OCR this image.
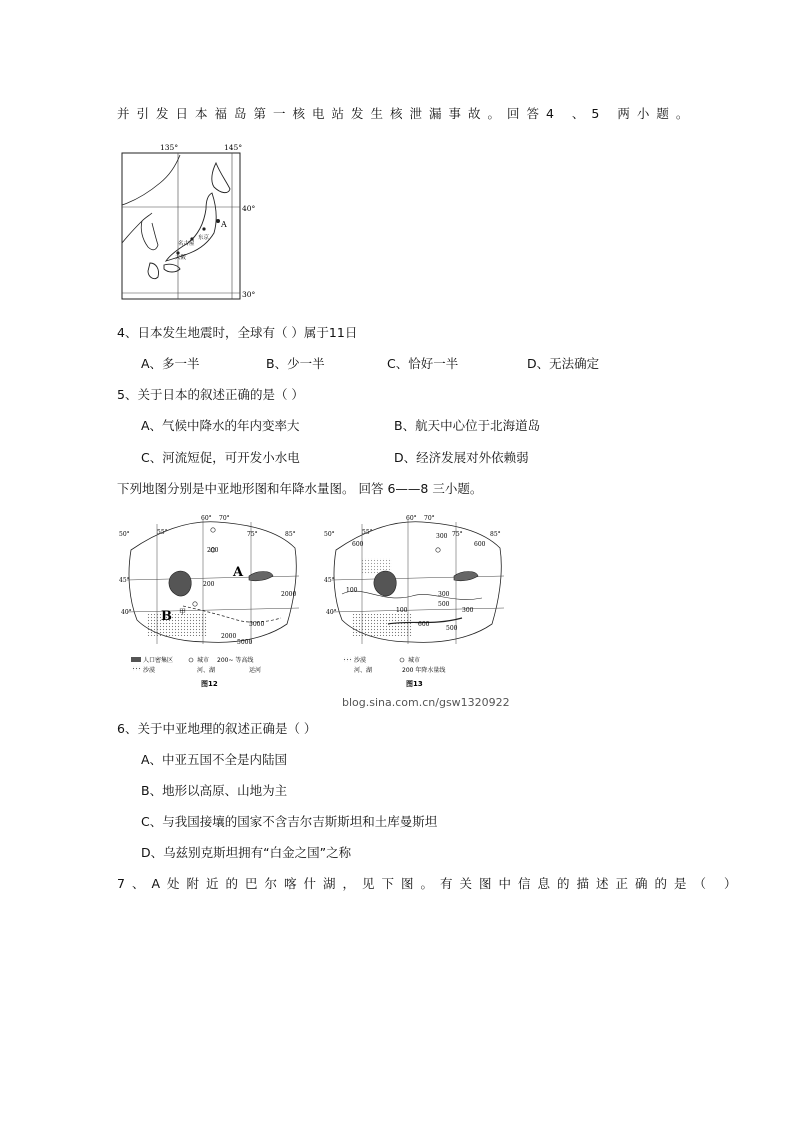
并引发日本福岛第一核电站发生核泄漏事故。回答4 、5 两小题。
135°	145°
40°
30°
A
东京
名古屋
大阪
4、日本发生地震时，全球有（ ）属于11日
A、多一半	B、少一半	C、恰好一半	D、无法确定
5、关于日本的叙述正确的是（ ）
A、气候中降水的年内变率大	B、航天中心位于北海道岛
C、河流短促，可开发小水电	D、经济发展对外依赖弱
下列地图分别是中亚地形图和年降水量图。 回答 6——8 三小题。
50°	55°
60° 70°
75°	85°
45°
40°
A
B 甲
200
200
2000
5000
2000
5000
人口密集区	城市 200~ 等高线
沙漠	河、湖	运河
图12
50°	55°
60° 70°
75°	85°
45°
40°
600
300
600
100
100
300
500
600
300
500
沙漠	城市
河、湖	200 年降水量线
图13
blog.sina.com.cn/gsw1320922
6、关于中亚地理的叙述正确是（ ）
A、中亚五国不全是内陆国
B、地形以高原、山地为主
C、与我国接壤的国家不含吉尔吉斯斯坦和土库曼斯坦
D、乌兹别克斯坦拥有“白金之国”之称
7、A处附近的巴尔喀什湖，见下图。有关图中信息的描述正确的是（ ）
